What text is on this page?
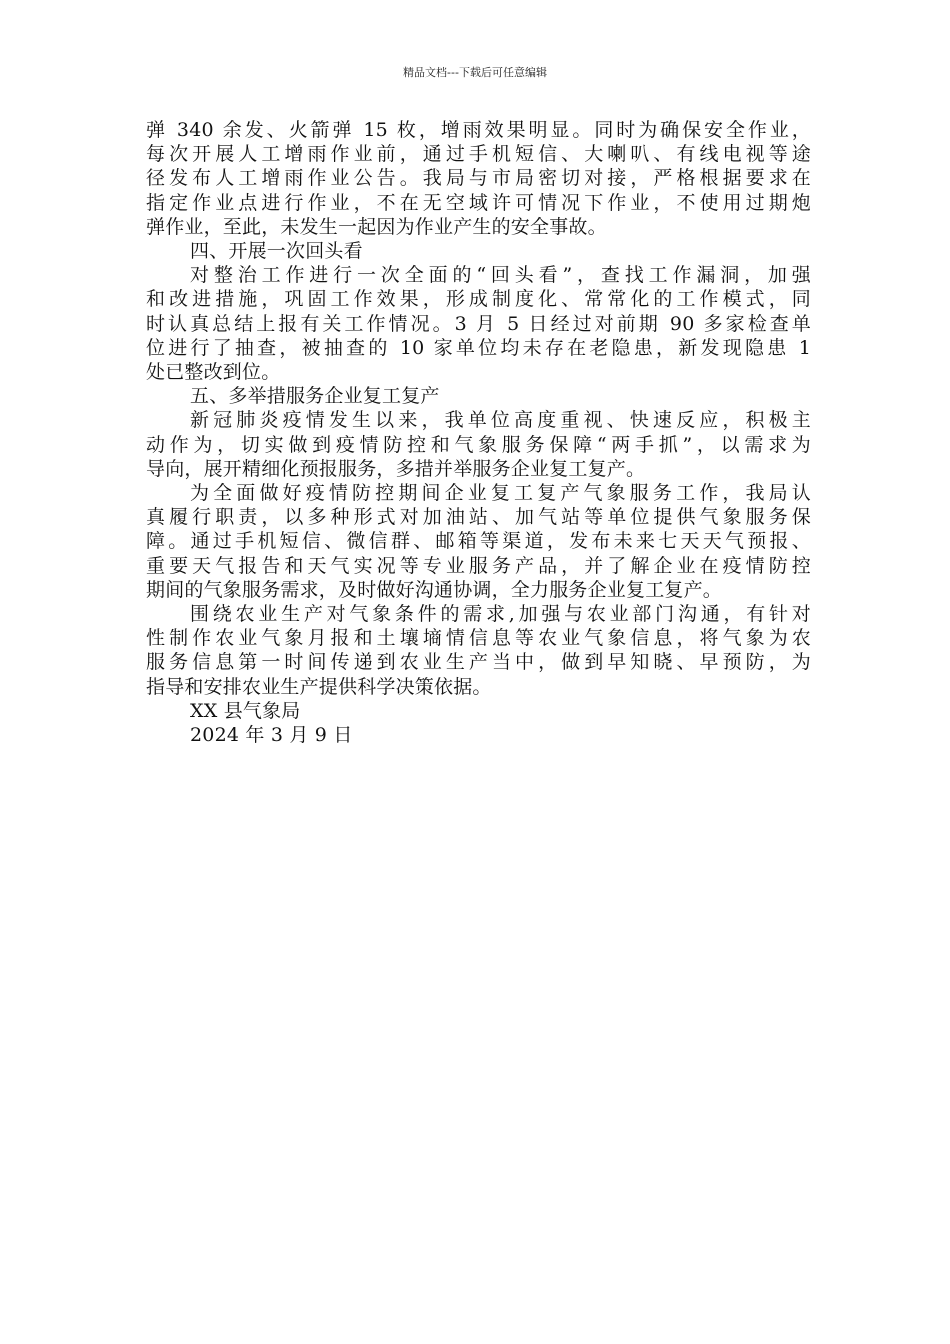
精品文档---下载后可任意编辑

弹 340 余发、火箭弹 15 枚，增雨效果明显。同时为确保安全作业，
每次开展人工增雨作业前，通过手机短信、大喇叭、有线电视等途
径发布人工增雨作业公告。我局与市局密切对接，严格根据要求在
指定作业点进行作业，不在无空域许可情况下作业，不使用过期炮
弹作业，至此，未发生一起因为作业产生的安全事故。

四、开展一次回头看

对整治工作进行一次全面的“回头看”，查找工作漏洞，加强
和改进措施，巩固工作效果，形成制度化、常常化的工作模式，同
时认真总结上报有关工作情况。3 月 5 日经过对前期 90 多家检查单
位进行了抽查，被抽查的 10 家单位均未存在老隐患，新发现隐患 1
处已整改到位。

五、多举措服务企业复工复产

新冠肺炎疫情发生以来，我单位高度重视、快速反应，积极主
动作为，切实做到疫情防控和气象服务保障“两手抓”，以需求为
导向，展开精细化预报服务，多措并举服务企业复工复产。

为全面做好疫情防控期间企业复工复产气象服务工作，我局认
真履行职责，以多种形式对加油站、加气站等单位提供气象服务保
障。通过手机短信、微信群、邮箱等渠道，发布未来七天天气预报、
重要天气报告和天气实况等专业服务产品，并了解企业在疫情防控
期间的气象服务需求，及时做好沟通协调，全力服务企业复工复产。

围绕农业生产对气象条件的需求,加强与农业部门沟通，有针对
性制作农业气象月报和土壤墒情信息等农业气象信息，将气象为农
服务信息第一时间传递到农业生产当中，做到早知晓、早预防，为
指导和安排农业生产提供科学决策依据。

XX 县气象局

2024 年 3 月 9 日
